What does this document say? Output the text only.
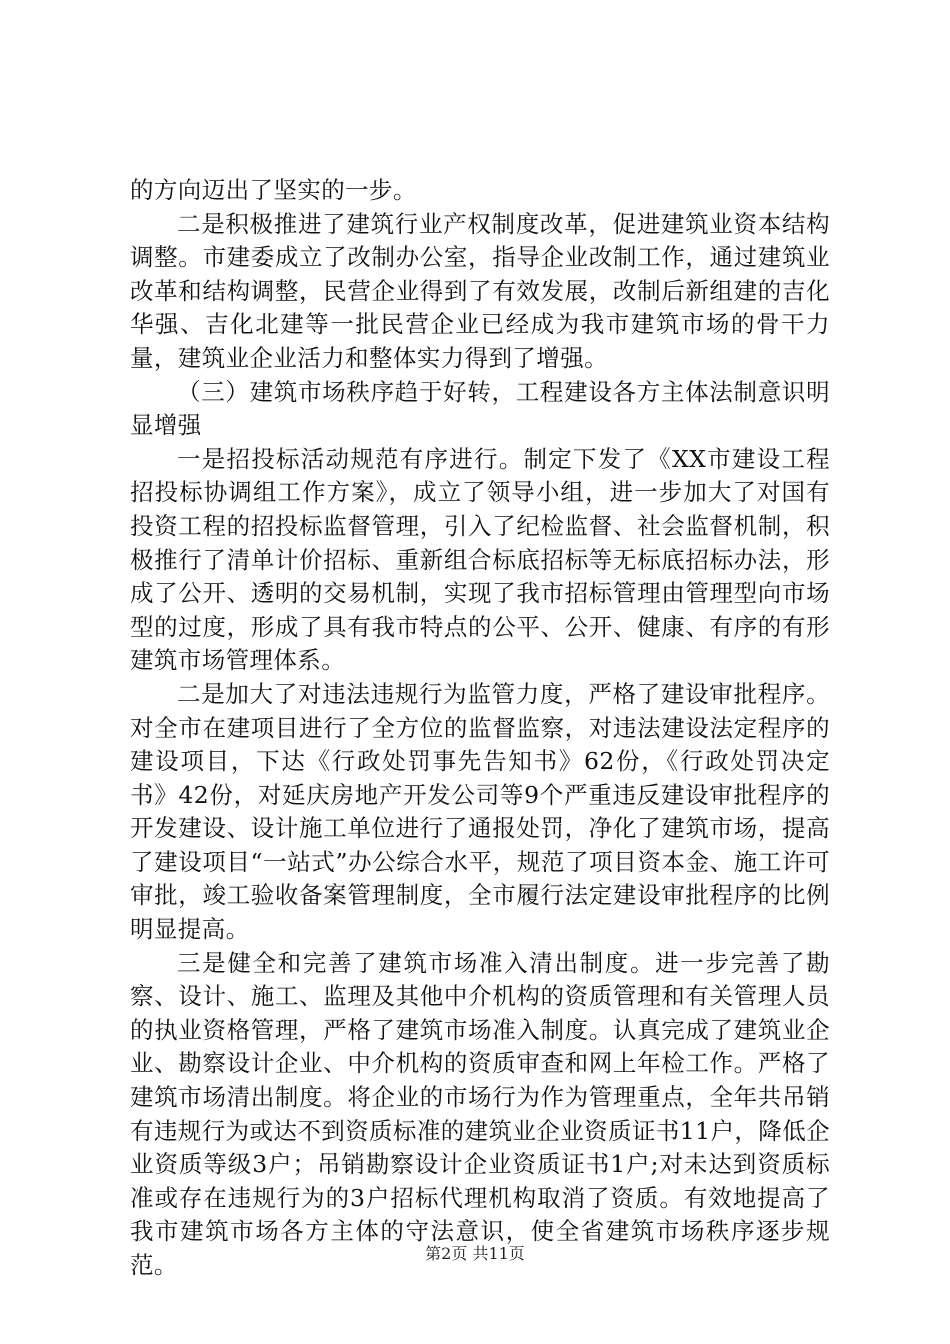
的方向迈出了坚实的一步。

二是积极推进了建筑行业产权制度改革，促进建筑业资本结构调整。市建委成立了改制办公室，指导企业改制工作，通过建筑业改革和结构调整，民营企业得到了有效发展，改制后新组建的吉化华强、吉化北建等一批民营企业已经成为我市建筑市场的骨干力量，建筑业企业活力和整体实力得到了增强。

（三）建筑市场秩序趋于好转，工程建设各方主体法制意识明显增强

一是招投标活动规范有序进行。制定下发了《XX市建设工程招投标协调组工作方案》，成立了领导小组，进一步加大了对国有投资工程的招投标监督管理，引入了纪检监督、社会监督机制，积极推行了清单计价招标、重新组合标底招标等无标底招标办法，形成了公开、透明的交易机制，实现了我市招标管理由管理型向市场型的过度，形成了具有我市特点的公平、公开、健康、有序的有形建筑市场管理体系。

二是加大了对违法违规行为监管力度，严格了建设审批程序。对全市在建项目进行了全方位的监督监察，对违法建设法定程序的建设项目，下达《行政处罚事先告知书》62份，《行政处罚决定书》42份，对延庆房地产开发公司等9个严重违反建设审批程序的开发建设、设计施工单位进行了通报处罚，净化了建筑市场，提高了建设项目“一站式”办公综合水平，规范了项目资本金、施工许可审批，竣工验收备案管理制度，全市履行法定建设审批程序的比例明显提高。

三是健全和完善了建筑市场准入清出制度。进一步完善了勘察、设计、施工、监理及其他中介机构的资质管理和有关管理人员的执业资格管理，严格了建筑市场准入制度。认真完成了建筑业企业、勘察设计企业、中介机构的资质审查和网上年检工作。严格了建筑市场清出制度。将企业的市场行为作为管理重点，全年共吊销有违规行为或达不到资质标准的建筑业企业资质证书11户，降低企业资质等级3户；吊销勘察设计企业资质证书1户;对未达到资质标准或存在违规行为的3户招标代理机构取消了资质。有效地提高了我市建筑市场各方主体的守法意识，使全省建筑市场秩序逐步规范。	第2页 共11页
